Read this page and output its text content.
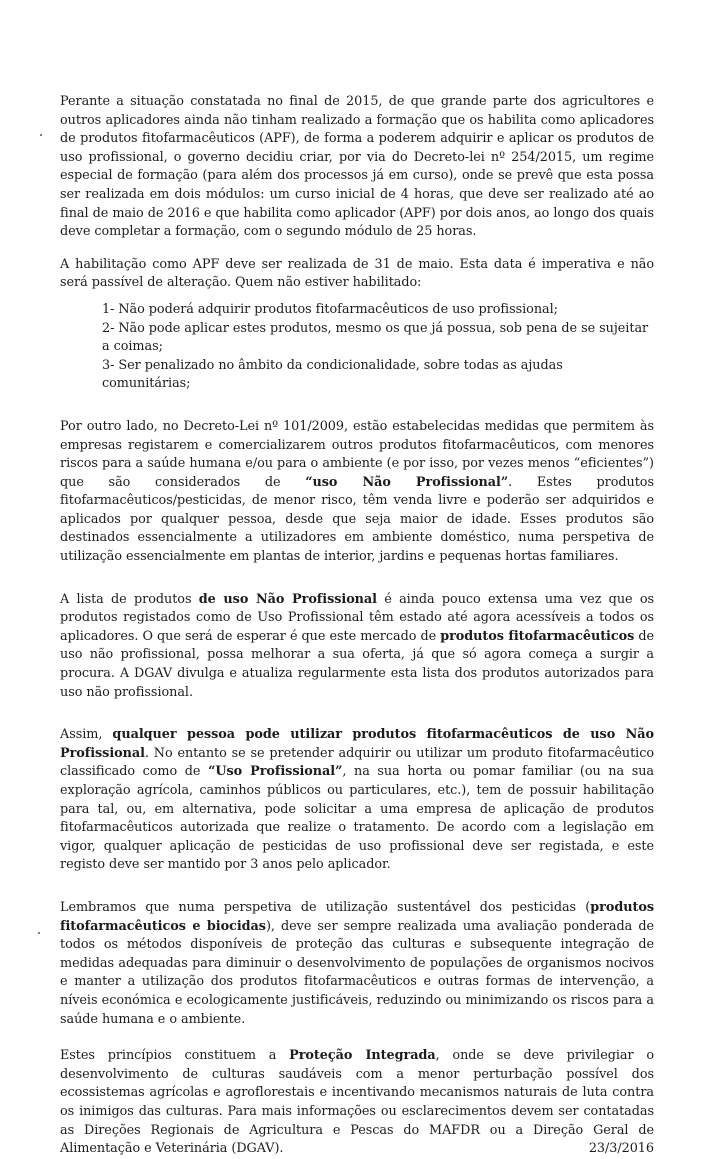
Perante a situação constatada no final de 2015, de que grande parte dos agricultores e outros aplicadores ainda não tinham realizado a formação que os habilita como aplicadores de produtos fitofarmacêuticos (APF), de forma a poderem adquirir e aplicar os produtos de uso profissional, o governo decidiu criar, por via do Decreto-lei nº 254/2015, um regime especial de formação (para além dos processos já em curso), onde se prevê que esta possa ser realizada em dois módulos: um curso inicial de 4 horas, que deve ser realizado até ao final de maio de 2016 e que habilita como aplicador (APF) por dois anos, ao longo dos quais deve completar a formação, com o segundo módulo de 25 horas.

A habilitação como APF deve ser realizada de 31 de maio. Esta data é imperativa e não será passível de alteração. Quem não estiver habilitado:

1- Não poderá adquirir produtos fitofarmacêuticos de uso profissional;
2- Não pode aplicar estes produtos, mesmo os que já possua, sob pena de se sujeitar a coimas;
3- Ser penalizado no âmbito da condicionalidade, sobre todas as ajudas comunitárias;

Por outro lado, no Decreto-Lei nº 101/2009, estão estabelecidas medidas que permitem às empresas registarem e comercializarem outros produtos fitofarmacêuticos, com menores riscos para a saúde humana e/ou para o ambiente (e por isso, por vezes menos “eficientes”) que são considerados de “uso Não Profissional”. Estes produtos fitofarmacêuticos/pesticidas, de menor risco, têm venda livre e poderão ser adquiridos e aplicados por qualquer pessoa, desde que seja maior de idade. Esses produtos são destinados essencialmente a utilizadores em ambiente doméstico, numa perspetiva de utilização essencialmente em plantas de interior, jardins e pequenas hortas familiares.

A lista de produtos de uso Não Profissional é ainda pouco extensa uma vez que os produtos registados como de Uso Profissional têm estado até agora acessíveis a todos os aplicadores. O que será de esperar é que este mercado de produtos fitofarmacêuticos de uso não profissional, possa melhorar a sua oferta, já que só agora começa a surgir a procura. A DGAV divulga e atualiza regularmente esta lista dos produtos autorizados para uso não profissional.

Assim, qualquer pessoa pode utilizar produtos fitofarmacêuticos de uso Não Profissional. No entanto se se pretender adquirir ou utilizar um produto fitofarmacêutico classificado como de “Uso Profissional”, na sua horta ou pomar familiar (ou na sua exploração agrícola, caminhos públicos ou particulares, etc.), tem de possuir habilitação para tal, ou, em alternativa, pode solicitar a uma empresa de aplicação de produtos fitofarmacêuticos autorizada que realize o tratamento. De acordo com a legislação em vigor, qualquer aplicação de pesticidas de uso profissional deve ser registada, e este registo deve ser mantido por 3 anos pelo aplicador.

Lembramos que numa perspetiva de utilização sustentável dos pesticidas (produtos fitofarmacêuticos e biocidas), deve ser sempre realizada uma avaliação ponderada de todos os métodos disponíveis de proteção das culturas e subsequente integração de medidas adequadas para diminuir o desenvolvimento de populações de organismos nocivos e manter a utilização dos produtos fitofarmacêuticos e outras formas de intervenção, a níveis económica e ecologicamente justificáveis, reduzindo ou minimizando os riscos para a saúde humana e o ambiente.

Estes princípios constituem a Proteção Integrada, onde se deve privilegiar o desenvolvimento de culturas saudáveis com a menor perturbação possível dos ecossistemas agrícolas e agroflorestais e incentivando mecanismos naturais de luta contra os inimigos das culturas. Para mais informações ou esclarecimentos devem ser contatadas as Direções Regionais de Agricultura e Pescas do MAFDR ou a Direção Geral de Alimentação e Veterinária (DGAV).	23/3/2016
